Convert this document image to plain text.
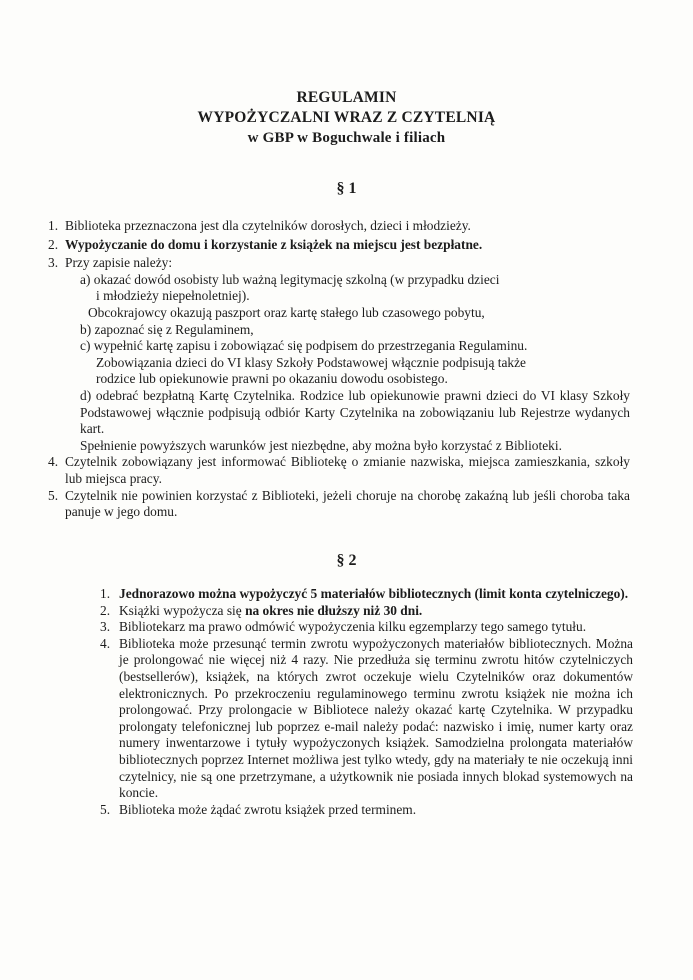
REGULAMIN
WYPOŻYCZALNI WRAZ Z CZYTELNIĄ
w GBP w Boguchwale i filiach
§ 1
1. Biblioteka przeznaczona jest dla czytelników dorosłych, dzieci i młodzieży.
2. Wypożyczanie do domu i korzystanie z książek na miejscu jest bezpłatne.
3. Przy zapisie należy:
a) okazać dowód osobisty lub ważną legitymację szkolną (w przypadku dzieci
i młodzieży niepełnoletniej).
Obcokrajowcy okazują paszport oraz kartę stałego lub czasowego pobytu,
b) zapoznać się z Regulaminem,
c) wypełnić kartę zapisu i zobowiązać się podpisem do przestrzegania Regulaminu.
Zobowiązania dzieci do VI klasy Szkoły Podstawowej włącznie podpisują także
rodzice lub opiekunowie prawni po okazaniu dowodu osobistego.
d) odebrać bezpłatną Kartę Czytelnika. Rodzice lub opiekunowie prawni dzieci do VI klasy Szkoły Podstawowej włącznie podpisują odbiór Karty Czytelnika na zobowiązaniu lub Rejestrze wydanych kart.
Spełnienie powyższych warunków jest niezbędne, aby można było korzystać z Biblioteki.
4. Czytelnik zobowiązany jest informować Bibliotekę o zmianie nazwiska, miejsca zamieszkania, szkoły lub miejsca pracy.
5. Czytelnik nie powinien korzystać z Biblioteki, jeżeli choruje na chorobę zakaźną lub jeśli choroba taka panuje w jego domu.
§ 2
1. Jednorazowo można wypożyczyć 5 materiałów bibliotecznych (limit konta czytelniczego).
2. Książki wypożycza się na okres nie dłuższy niż 30 dni.
3. Bibliotekarz ma prawo odmówić wypożyczenia kilku egzemplarzy tego samego tytułu.
4. Biblioteka może przesunąć termin zwrotu wypożyczonych materiałów bibliotecznych. Można je prolongować nie więcej niż 4 razy. Nie przedłuża się terminu zwrotu hitów czytelniczych (bestsellerów), książek, na których zwrot oczekuje wielu Czytelników oraz dokumentów elektronicznych. Po przekroczeniu regulaminowego terminu zwrotu książek nie można ich prolongować. Przy prolongacie w Bibliotece należy okazać kartę Czytelnika. W przypadku prolongaty telefonicznej lub poprzez e-mail należy podać: nazwisko i imię, numer karty oraz numery inwentarzowe i tytuły wypożyczonych książek. Samodzielna prolongata materiałów bibliotecznych poprzez Internet możliwa jest tylko wtedy, gdy na materiały te nie oczekują inni czytelnicy, nie są one przetrzymane, a użytkownik nie posiada innych blokad systemowych na koncie.
5. Biblioteka może żądać zwrotu książek przed terminem.
